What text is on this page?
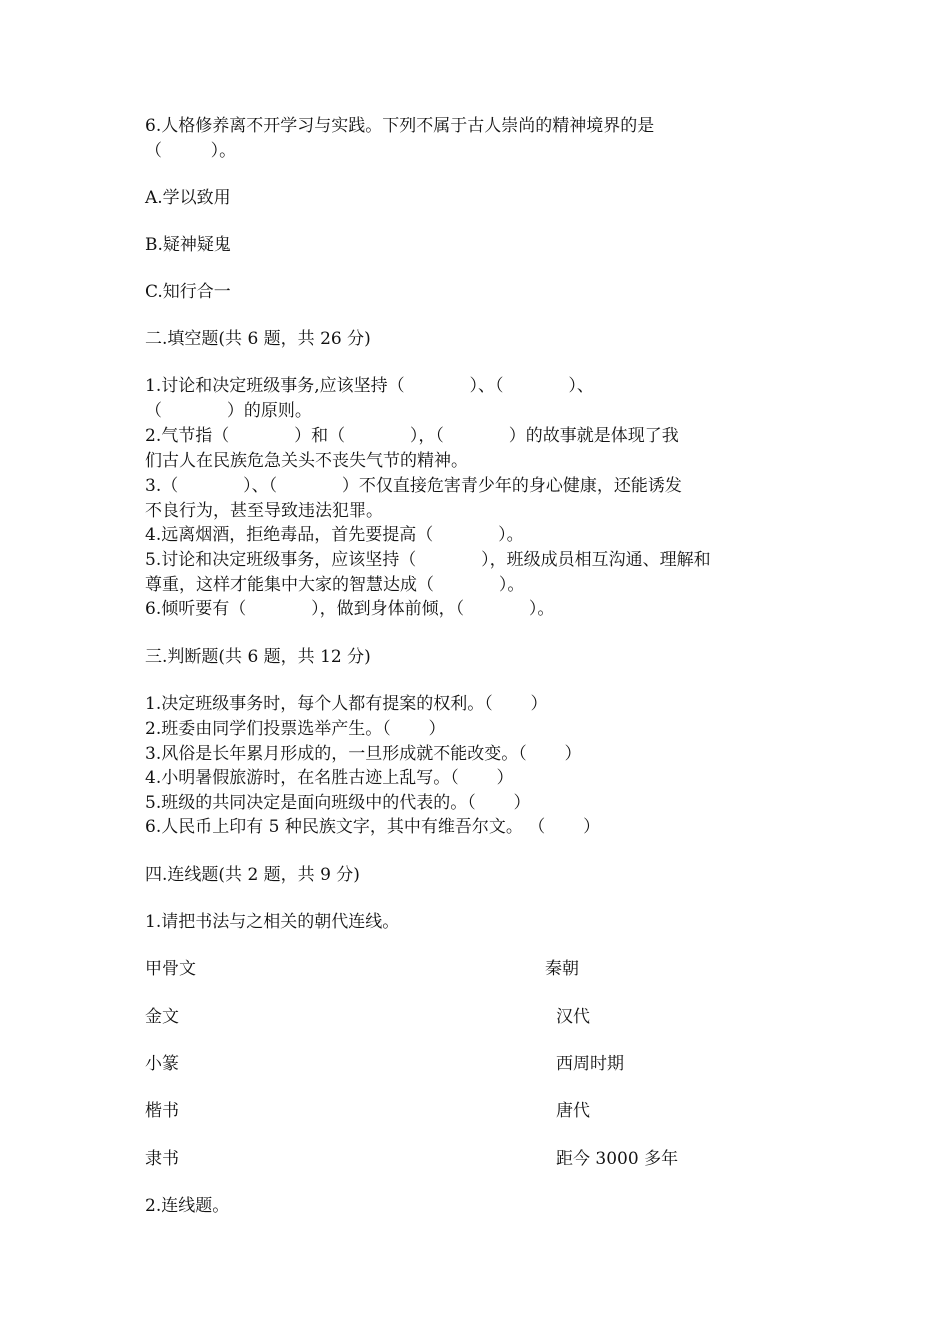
6.人格修养离不开学习与实践。下列不属于古人崇尚的精神境界的是
（         ）。
A.学以致用
B.疑神疑鬼
C.知行合一
二.填空题(共 6 题，共 26 分)
1.讨论和决定班级事务,应该坚持（            ）、（            ）、
（            ）的原则。
2.气节指（            ）和（            ），（            ）的故事就是体现了我
们古人在民族危急关头不丧失气节的精神。
3.（            ）、（            ）不仅直接危害青少年的身心健康，还能诱发
不良行为，甚至导致违法犯罪。
4.远离烟酒，拒绝毒品，首先要提高（            ）。
5.讨论和决定班级事务，应该坚持（            ），班级成员相互沟通、理解和
尊重，这样才能集中大家的智慧达成（            ）。
6.倾听要有（            ），做到身体前倾，（            ）。
三.判断题(共 6 题，共 12 分)
1.决定班级事务时，每个人都有提案的权利。（       ）
2.班委由同学们投票选举产生。（       ）
3.风俗是长年累月形成的，一旦形成就不能改变。（       ）
4.小明暑假旅游时，在名胜古迹上乱写。（       ）
5.班级的共同决定是面向班级中的代表的。（       ）
6.人民币上印有 5 种民族文字，其中有维吾尔文。 （       ）
四.连线题(共 2 题，共 9 分)
1.请把书法与之相关的朝代连线。
甲骨文	秦朝
金文	汉代
小篆	西周时期
楷书	唐代
隶书	距今 3000 多年
2.连线题。
